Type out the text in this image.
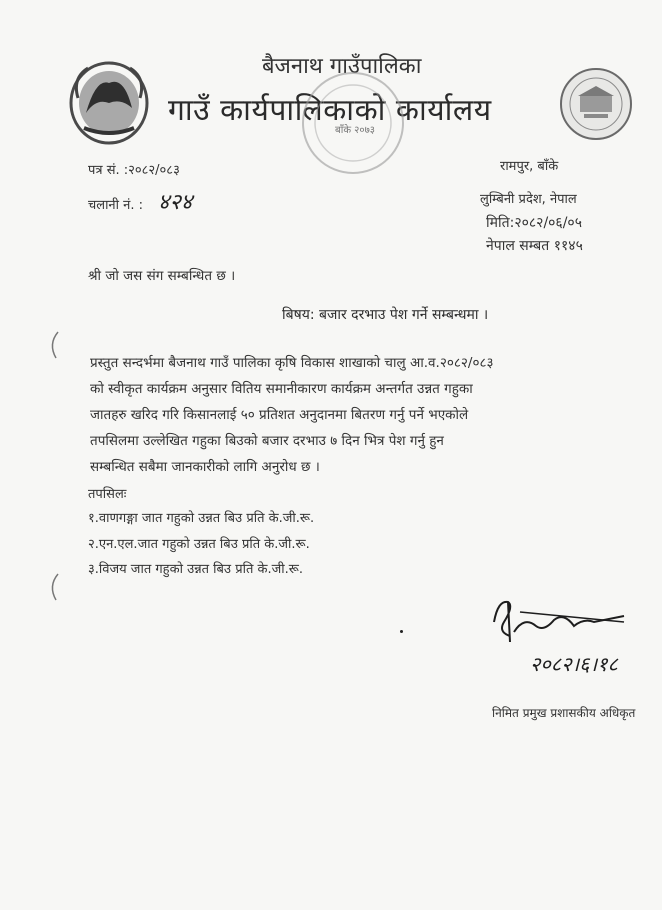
बैजनाथ गाउँपालिका
गाउँ कार्यपालिकाको कार्यालय
बाँके २०७३
पत्र सं. :२०८२/०८३
चलानी नं. : ४२४
रामपुर, बाँके
लुम्बिनी प्रदेश, नेपाल
मिति:२०८२/०६/०५
नेपाल सम्बत ११४५
श्री जो जस संग सम्बन्धित छ ।
बिषय: बजार दरभाउ पेश गर्ने सम्बन्धमा ।

प्रस्तुत सन्दर्भमा बैजनाथ गाउँ पालिका कृषि विकास शाखाको चालु आ.व.२०८२/०८३

को स्वीकृत कार्यक्रम अनुसार वितिय समानीकारण कार्यक्रम अन्तर्गत उन्नत गहुका

जातहरु खरिद गरि किसानलाई ५० प्रतिशत अनुदानमा बितरण गर्नु पर्ने भएकोले

तपसिलमा उल्लेखित गहुका बिउको बजार दरभाउ ७ दिन भित्र पेश गर्नु हुन

सम्बन्धित सबैमा जानकारीको लागि अनुरोध छ ।

तपसिलः
१.वाणगङ्गा जात गहुको उन्नत बिउ प्रति के.जी.रू.
२.एन.एल.जात गहुको उन्नत बिउ प्रति के.जी.रू.
३.विजय जात गहुको उन्नत बिउ प्रति के.जी.रू.
२०८२।६।१८
निमित प्रमुख प्रशासकीय अधिकृत
